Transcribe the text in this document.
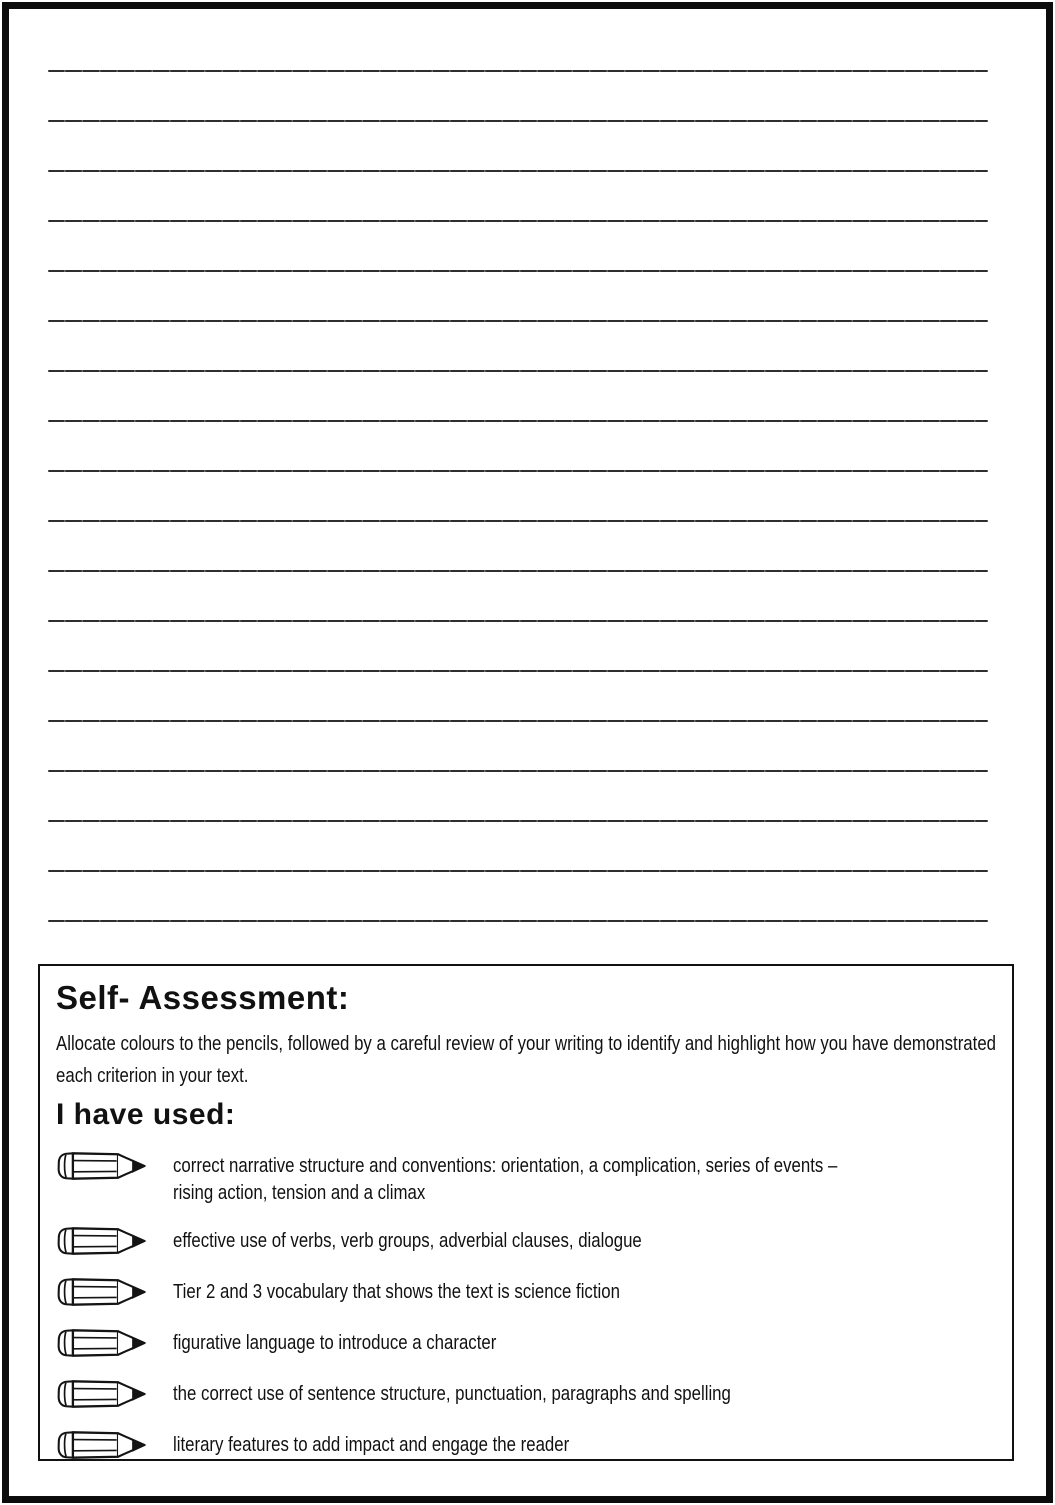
Self- Assessment:

Allocate colours to the pencils, followed by a careful review of your writing to identify and highlight how you have demonstrated each criterion in your text.

I have used:
correct narrative structure and conventions: orientation, a complication, series of events – rising action, tension and a climax
effective use of verbs, verb groups, adverbial clauses, dialogue
Tier 2 and 3 vocabulary that shows the text is science fiction
figurative language to introduce a character
the correct use of sentence structure, punctuation, paragraphs and spelling
literary features to add impact and engage the reader
